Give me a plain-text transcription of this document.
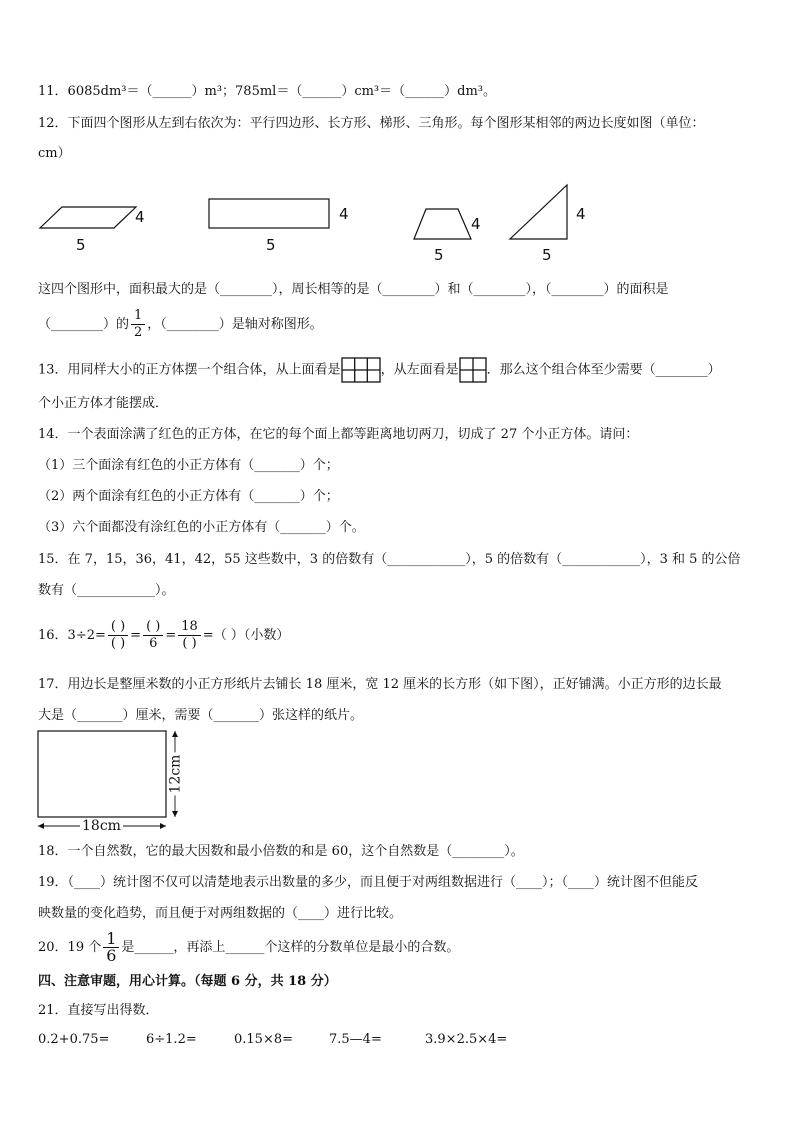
11．6085dm³＝（______）m³；785ml＝（______）cm³＝（______）dm³。
12．下面四个图形从左到右依次为：平行四边形、长方形、梯形、三角形。每个图形某相邻的两边长度如图（单位：
cm）
4
5
4
5
4
5
4
5
这四个图形中，面积最大的是（________），周长相等的是（________）和（________），（________）的面积是
（________）的 $\frac{1}{2}$ ，（________）是轴对称图形。
13．用同样大小的正方体摆一个组合体，从上面看是	，从左面看是 ．那么这个组合体至少需要（________）
个小正方体才能摆成．
14．一个表面涂满了红色的正方体，在它的每个面上都等距离地切两刀，切成了 27 个小正方体。请问：
（1）三个面涂有红色的小正方体有（_______）个；
（2）两个面涂有红色的小正方体有（_______）个；
（3）六个面都没有涂红色的小正方体有（_______）个。
15．在 7，15，36，41，42，55 这些数中，3 的倍数有（____________），5 的倍数有（____________），3 和 5 的公倍
数有（____________）。
16．$3\div 2= \frac{( )}{( )} = \frac{( )}{6} = \frac{18}{( )}$ =（ ）（小数）
17．用边长是整厘米数的小正方形纸片去铺长 18 厘米，宽 12 厘米的长方形（如下图），正好铺满。小正方形的边长最
大是（_______）厘米，需要（_______）张这样的纸片。
18cm
12cm
18．一个自然数，它的最大因数和最小倍数的和是 60，这个自然数是（________）。
19．（____）统计图不仅可以清楚地表示出数量的多少，而且便于对两组数据进行（____）；（____）统计图不但能反
映数量的变化趋势，而且便于对两组数据的（____）进行比较。
20．19 个 $\frac{1}{6}$ 是______，再添上______个这样的分数单位是最小的合数。
四、注意审题，用心计算。（每题 6 分，共 18 分）
21．直接写出得数．
0.2+0.75=	6÷1.2=	0.15×8=	7.5—4=	3.9×2.5×4=
